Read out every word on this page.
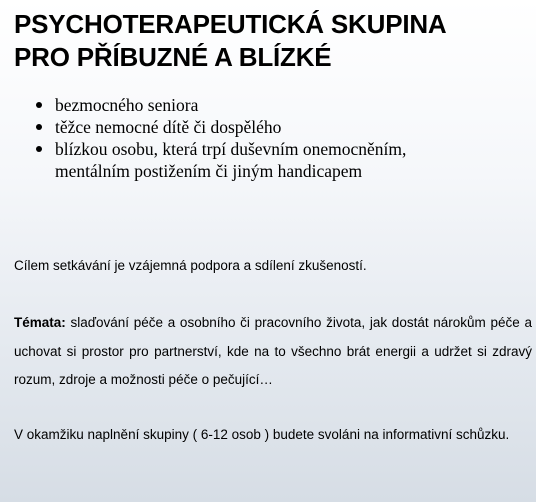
PSYCHOTERAPEUTICKÁ SKUPINA
PRO PŘÍBUZNÉ A BLÍZKÉ
bezmocného seniora
těžce nemocné dítě či dospělého
blízkou osobu, která trpí duševním onemocněním,
mentálním postižením či jiným handicapem

Cílem setkávání je vzájemná podpora a sdílení zkušeností.

Témata: slaďování péče a osobního či pracovního života, jak dostát nárokům péče a uchovat si prostor pro partnerství, kde na to všechno brát energii a udržet si zdravý rozum, zdroje a možnosti péče o pečující…

V okamžiku naplnění skupiny ( 6-12 osob ) budete svoláni na informativní schůzku.
